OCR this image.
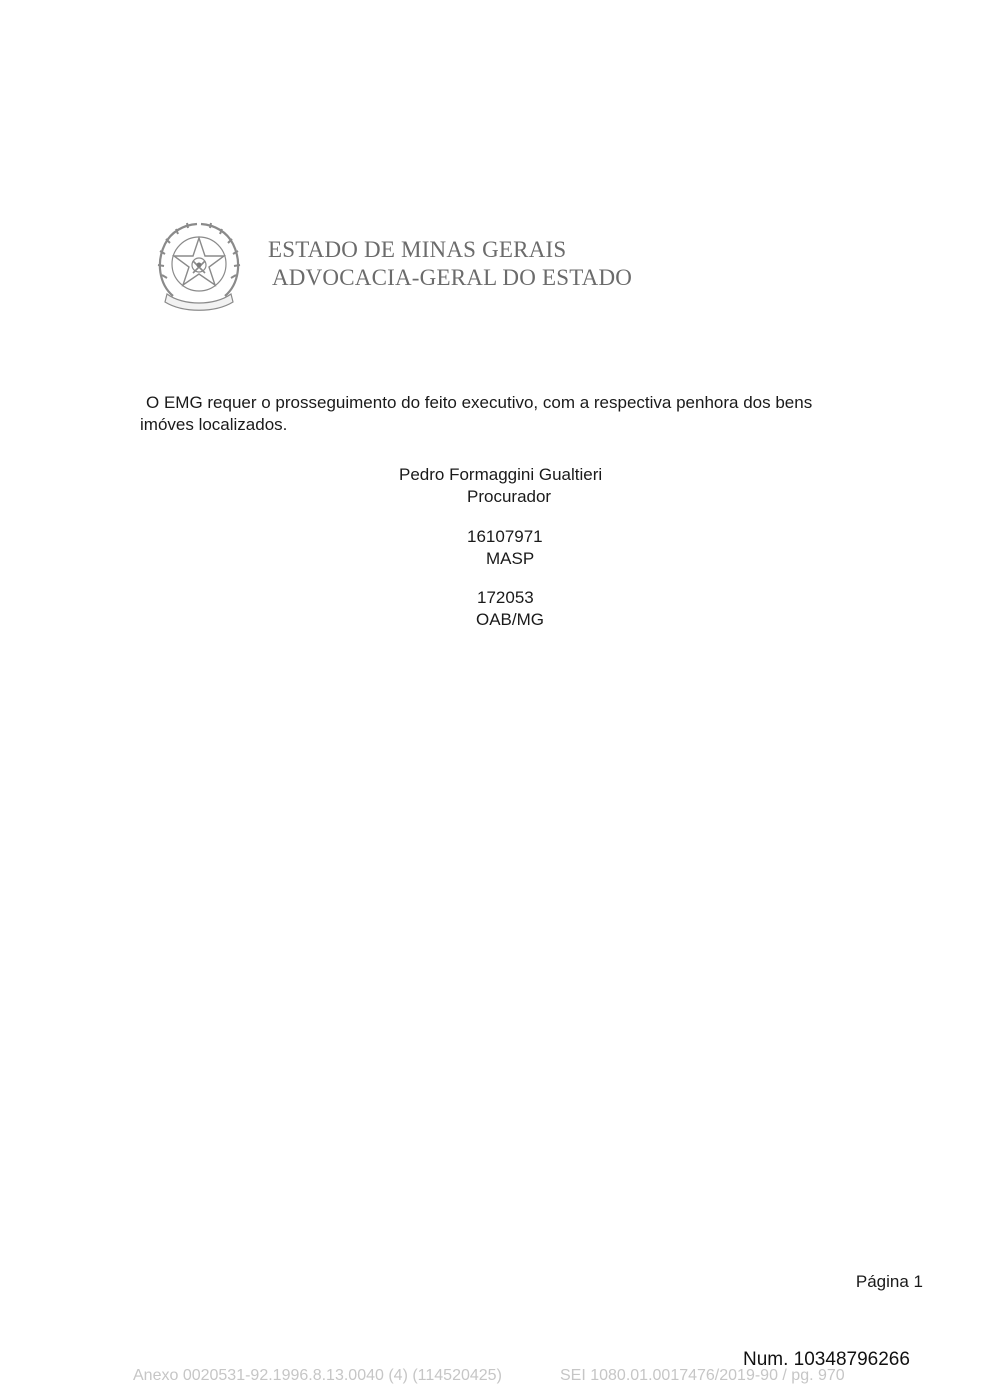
ESTADO DE MINAS GERAIS
ADVOCACIA-GERAL DO ESTADO
O EMG requer o prosseguimento do feito executivo, com a respectiva penhora dos bens
imóves localizados.
Pedro Formaggini Gualtieri
Procurador
16107971
MASP
172053
OAB/MG
Página 1
Num. 10348796266
Anexo 0020531-92.1996.8.13.0040 (4) (114520425)	SEI 1080.01.0017476/2019-90 / pg. 970
